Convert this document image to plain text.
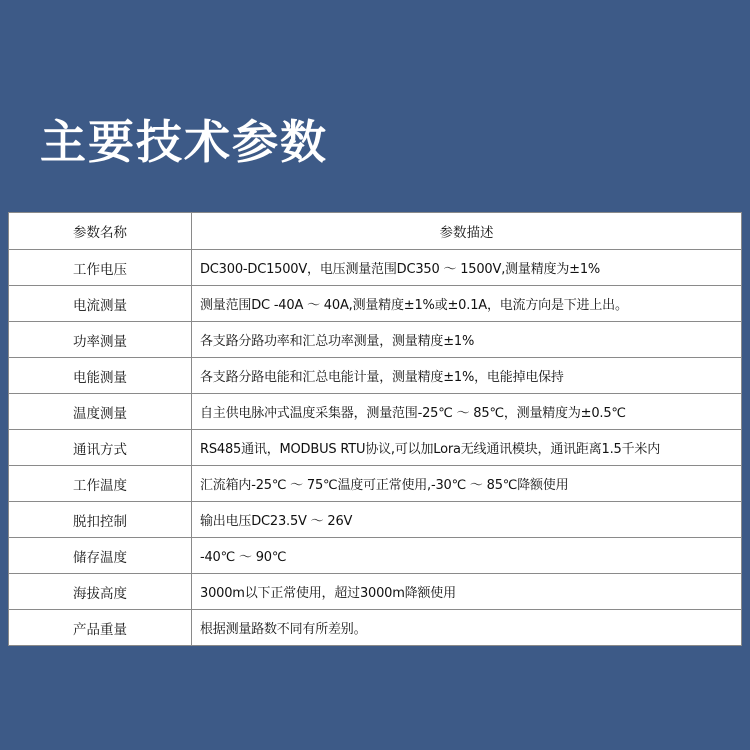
主要技术参数
参数名称	参数描述
工作电压	DC300-DC1500V，电压测量范围DC350 ～ 1500V,测量精度为±1%
电流测量	测量范围DC -40A ～ 40A,测量精度±1%或±0.1A，电流方向是下进上出。
功率测量	各支路分路功率和汇总功率测量，测量精度±1%
电能测量	各支路分路电能和汇总电能计量，测量精度±1%，电能掉电保持
温度测量	自主供电脉冲式温度采集器，测量范围-25℃ ～ 85℃，测量精度为±0.5℃
通讯方式	RS485通讯，MODBUS RTU协议,可以加Lora无线通讯模块，通讯距离1.5千米内
工作温度	汇流箱内-25℃ ～ 75℃温度可正常使用,-30℃ ～ 85℃降额使用
脱扣控制	输出电压DC23.5V ～ 26V
储存温度	-40℃ ～ 90℃
海拔高度	3000m以下正常使用，超过3000m降额使用
产品重量	根据测量路数不同有所差别。
